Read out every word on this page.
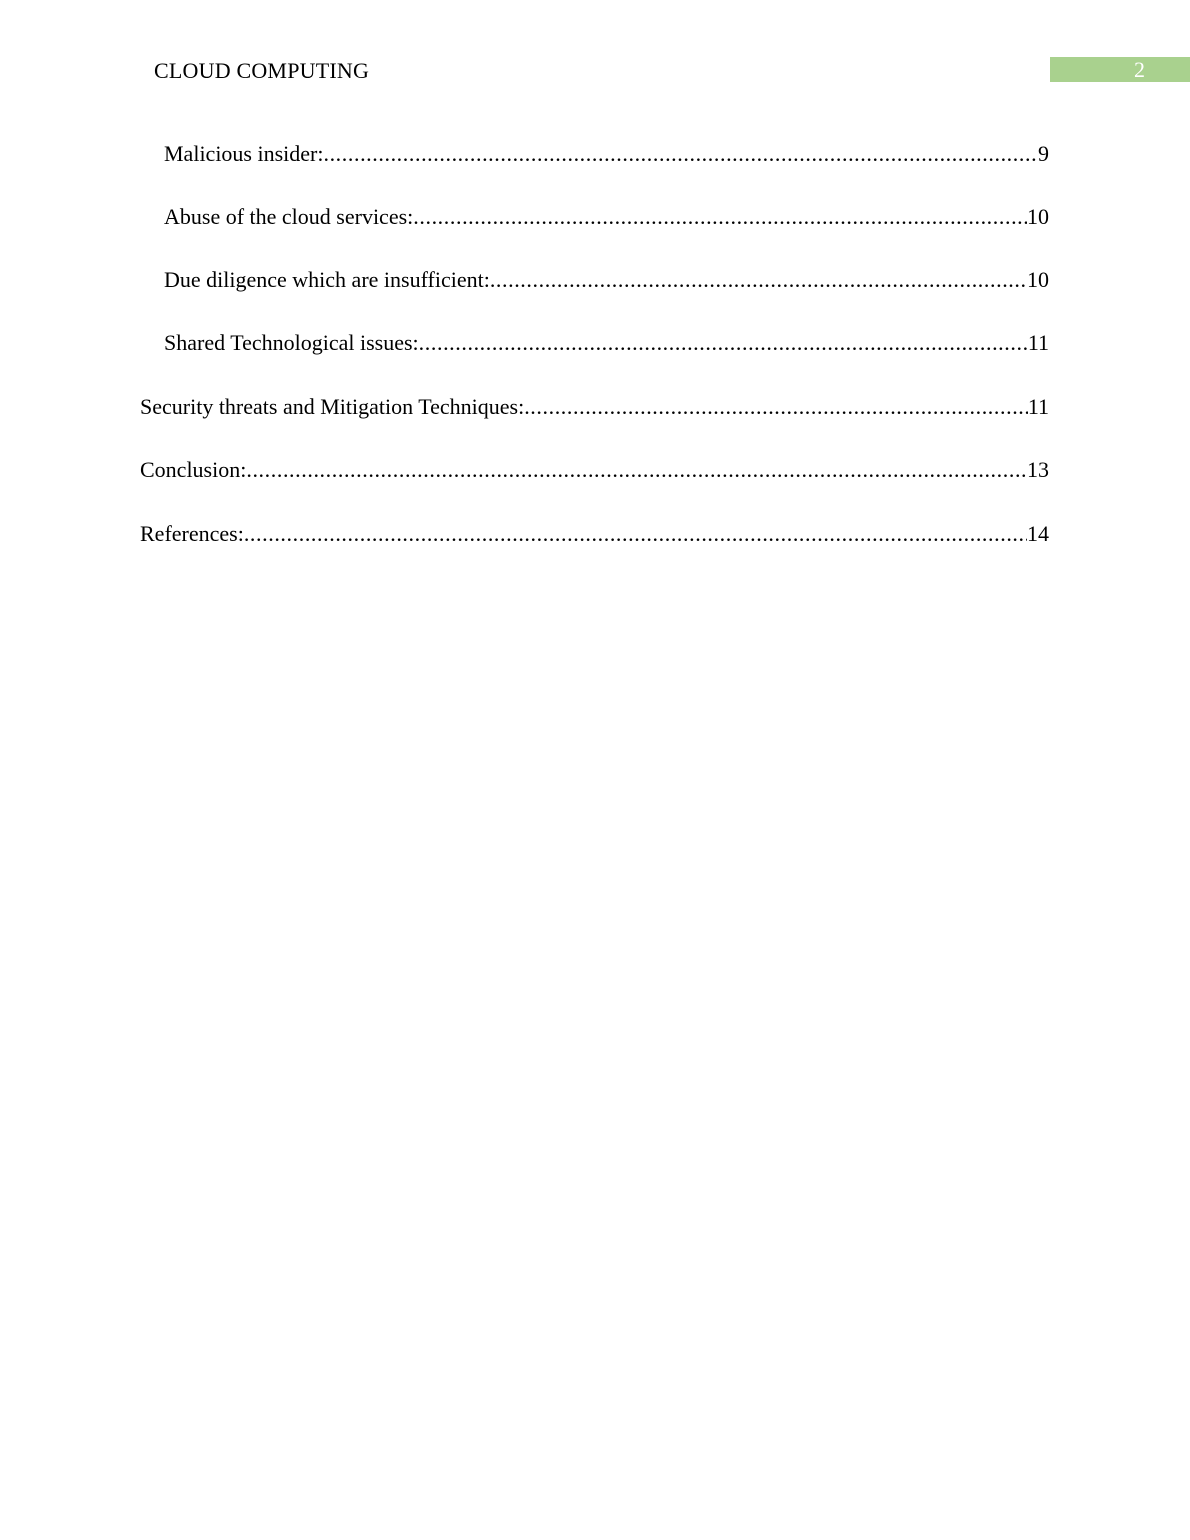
CLOUD COMPUTING	2
Malicious insider: .....	9
Abuse of the cloud services: .....	10
Due diligence which are insufficient: .....	10
Shared Technological issues: .....	11
Security threats and Mitigation Techniques: .....	11
Conclusion: .....	13
References: .....	14
